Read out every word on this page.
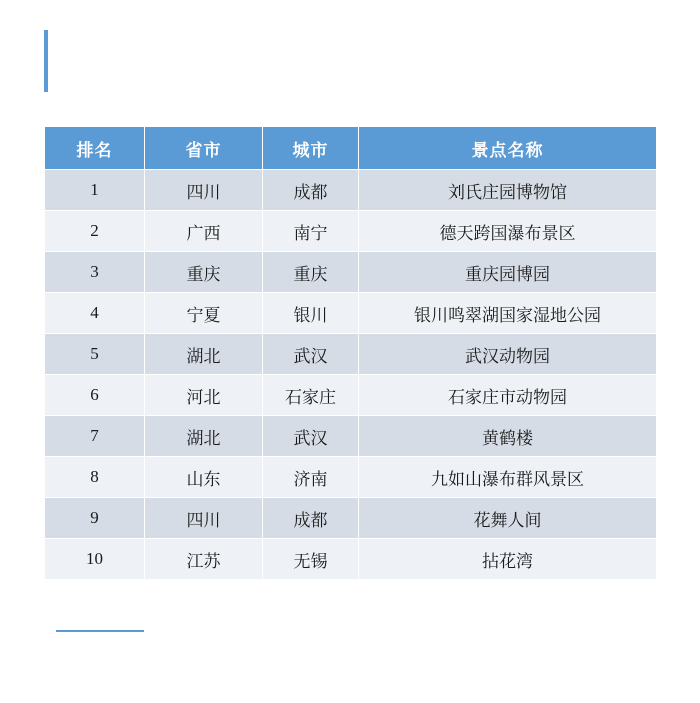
排名	省市	城市	景点名称
1	四川	成都	刘氏庄园博物馆
2	广西	南宁	德天跨国瀑布景区
3	重庆	重庆	重庆园博园
4	宁夏	银川	银川鸣翠湖国家湿地公园
5	湖北	武汉	武汉动物园
6	河北	石家庄	石家庄市动物园
7	湖北	武汉	黄鹤楼
8	山东	济南	九如山瀑布群风景区
9	四川	成都	花舞人间
10	江苏	无锡	拈花湾
